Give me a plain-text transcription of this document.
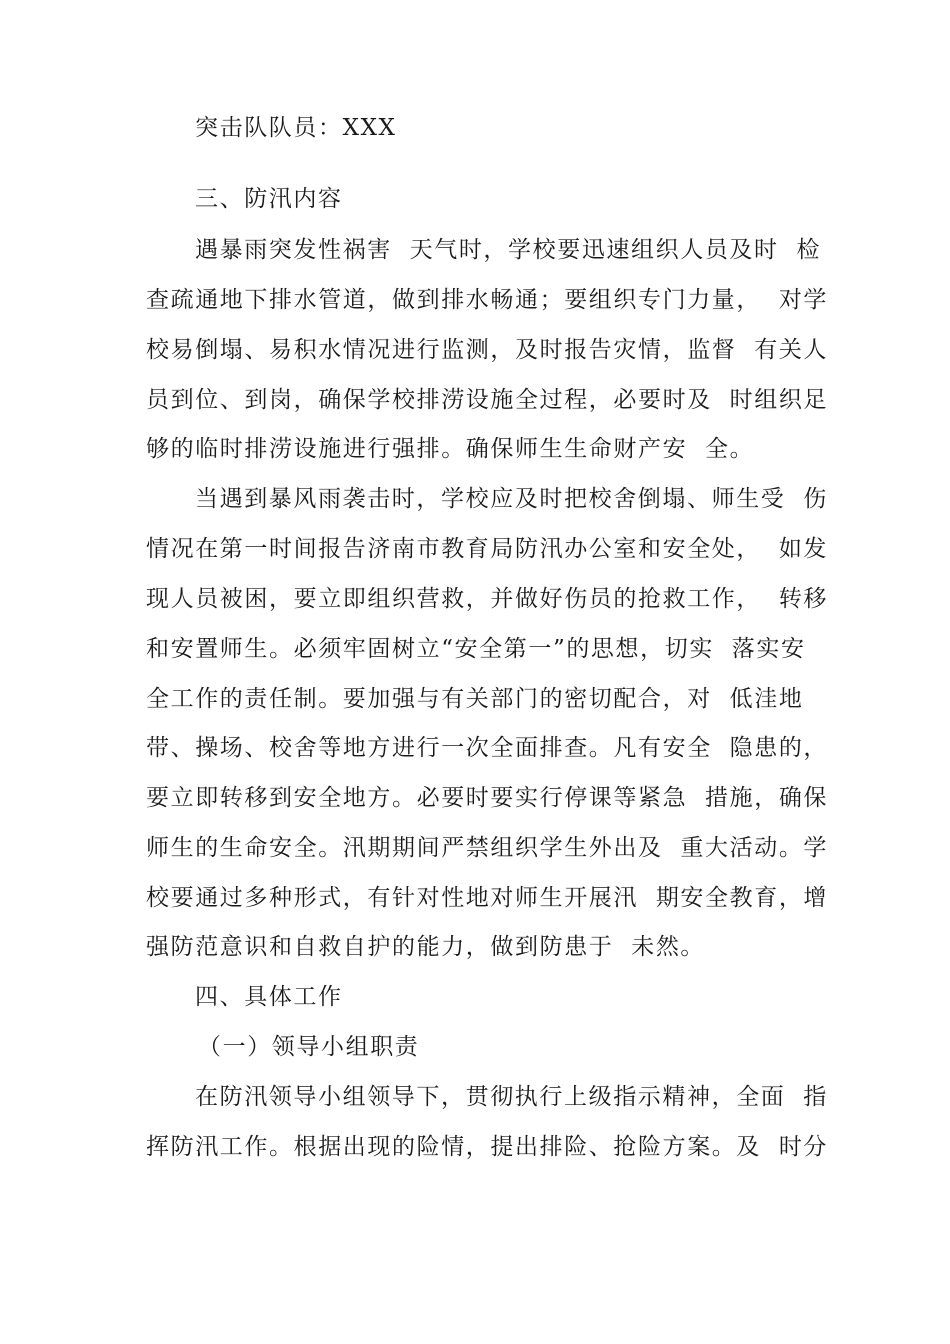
突击队队员：XXX
三、防汛内容
遇暴雨突发性祸害  天气时，学校要迅速组织人员及时  检
查疏通地下排水管道，做到排水畅通；要组织专门力量，  对学
校易倒塌、易积水情况进行监测，及时报告灾情，监督  有关人
员到位、到岗，确保学校排涝设施全过程，必要时及  时组织足
够的临时排涝设施进行强排。确保师生生命财产安  全。
当遇到暴风雨袭击时，学校应及时把校舍倒塌、师生受  伤
情况在第一时间报告济南市教育局防汛办公室和安全处，  如发
现人员被困，要立即组织营救，并做好伤员的抢救工作，  转移
和安置师生。必须牢固树立“安全第一”的思想，切实  落实安
全工作的责任制。要加强与有关部门的密切配合，对  低洼地
带、操场、校舍等地方进行一次全面排查。凡有安全  隐患的，
要立即转移到安全地方。必要时要实行停课等紧急  措施，确保
师生的生命安全。汛期期间严禁组织学生外出及  重大活动。学
校要通过多种形式，有针对性地对师生开展汛  期安全教育，增
强防范意识和自救自护的能力，做到防患于  未然。
四、具体工作
（一）领导小组职责
在防汛领导小组领导下，贯彻执行上级指示精神，全面  指
挥防汛工作。根据出现的险情，提出排险、抢险方案。及  时分
